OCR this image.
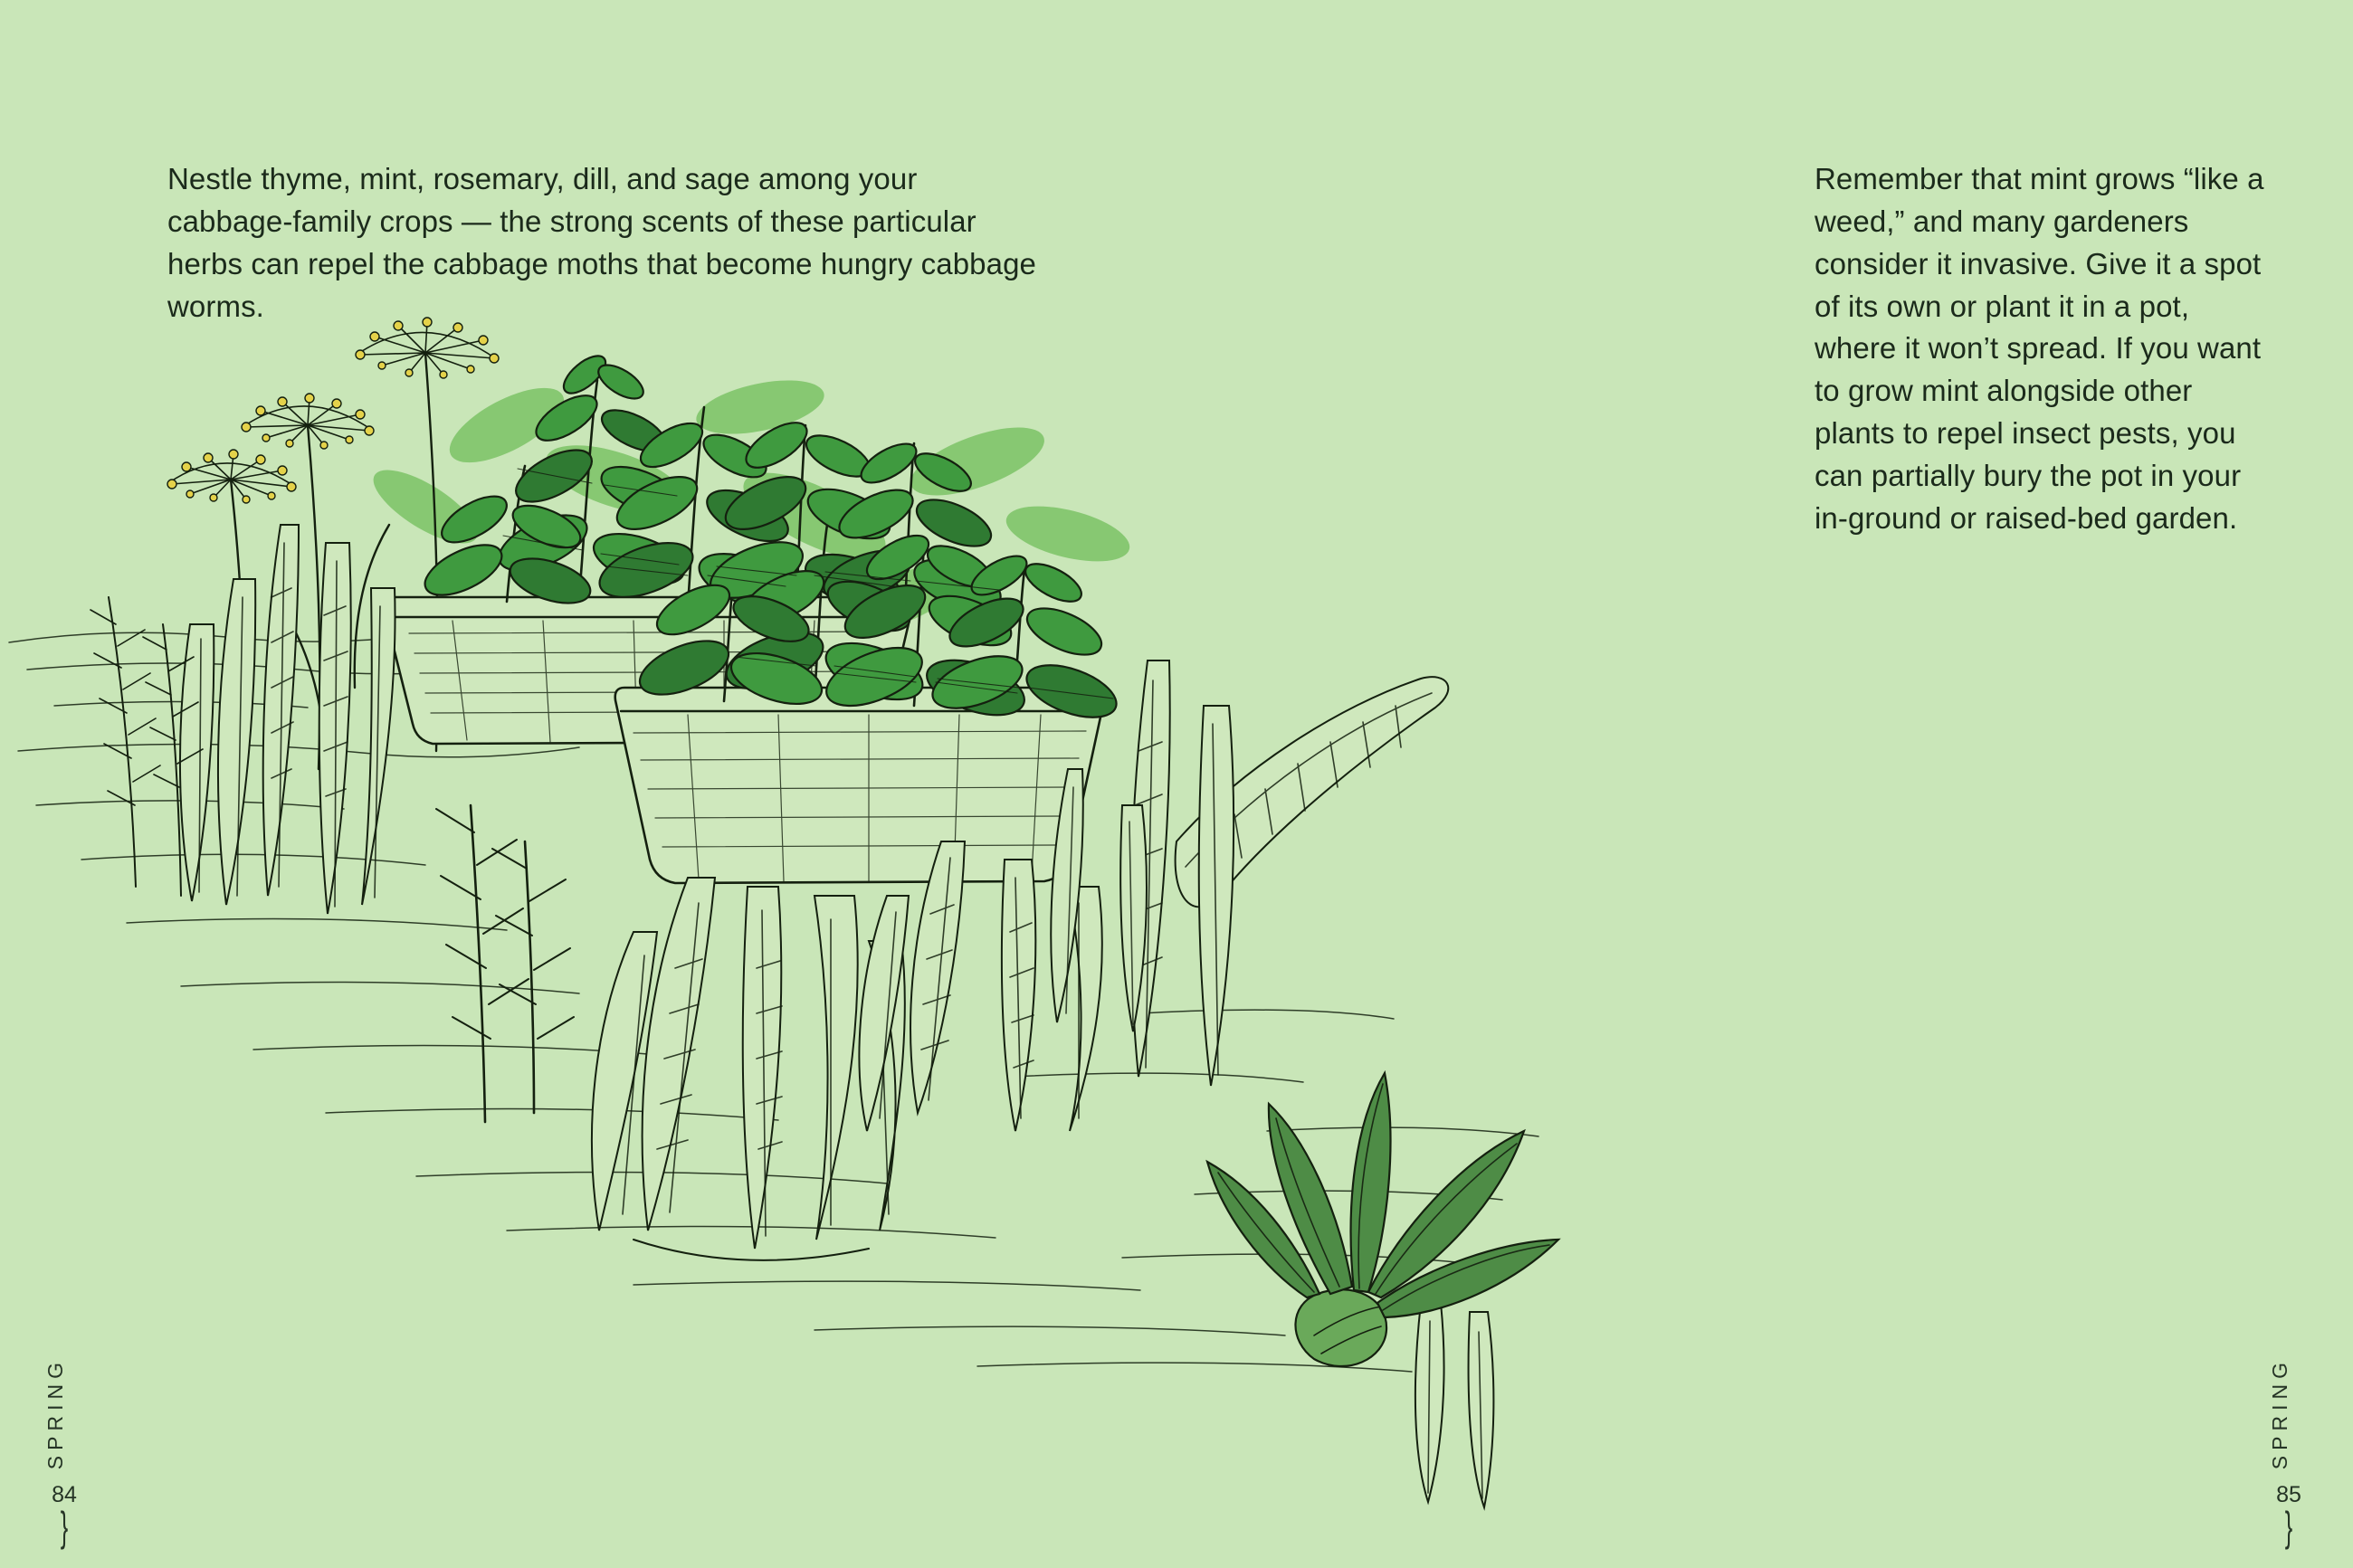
Nestle thyme, mint, rosemary, dill, and sage among your cabbage-family crops — the strong scents of these particular herbs can repel the cabbage moths that become hungry cabbage worms.

Remember that mint grows “like a weed,” and many gardeners consider it invasive. Give it a spot of its own or plant it in a pot, where it won’t spread. If you want to grow mint alongside other plants to repel insect pests, you can partially bury the pot in your in-ground or raised-bed garden.

SPRING
84
}
SPRING
85
}
